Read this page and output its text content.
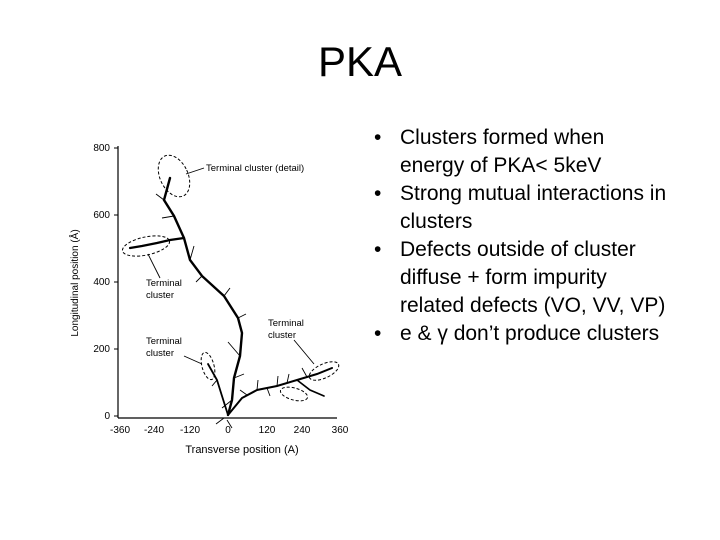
PKA
0
200
400
600
800
-360 -240 -120	0	120 240 360
Transverse position (A)
Longitudinal position (Å)
Terminal cluster (detail)
Terminal
cluster
Terminal
cluster
Terminal
cluster
• Clusters formed when energy of PKA< 5keV
• Strong mutual interactions in clusters
• Defects outside of cluster diffuse + form impurity related defects (VO, VV, VP)
• e & γ don’t produce clusters
